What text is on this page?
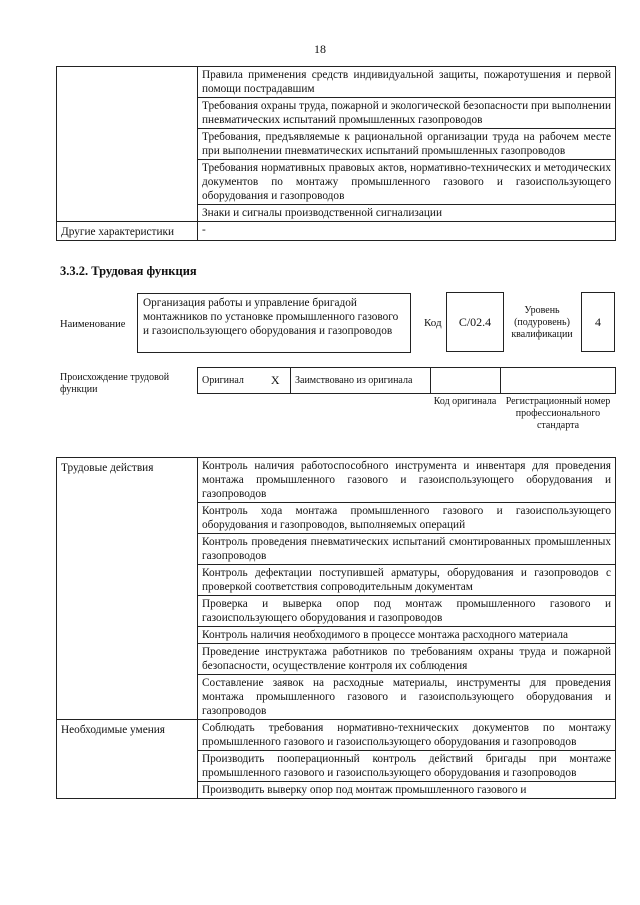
18
	Правила применения средств индивидуальной защиты, пожаротушения и первой помощи пострадавшим
	Требования охраны труда, пожарной и экологической безопасности при выполнении пневматических испытаний промышленных газопроводов
	Требования, предъявляемые к рациональной организации труда на рабочем месте при выполнении пневматических испытаний промышленных газопроводов
	Требования нормативных правовых актов, нормативно-технических и методических документов по монтажу промышленного газового и газоиспользующего оборудования и газопроводов
	Знаки и сигналы производственной сигнализации
Другие характеристики	-
3.3.2. Трудовая функция
Наименование
Организация работы и управление бригадой монтажников по установке промышленного газового и газоиспользующего оборудования и газопроводов
Код	C/02.4
Уровень (подуровень) квалификации
4
Происхождение трудовой функции
Оригинал	X	Заимствовано из оригинала		
Код оригинала Регистрационный номер профессионального стандарта
Трудовые действия	Контроль наличия работоспособного инструмента и инвентаря для проведения монтажа промышленного газового и газоиспользующего оборудования и газопроводов
	Контроль хода монтажа промышленного газового и газоиспользующего оборудования и газопроводов, выполняемых операций
	Контроль проведения пневматических испытаний смонтированных промышленных газопроводов
	Контроль дефектации поступившей арматуры, оборудования и газопроводов с проверкой соответствия сопроводительным документам
	Проверка и выверка опор под монтаж промышленного газового и газоиспользующего оборудования и газопроводов
	Контроль наличия необходимого в процессе монтажа расходного материала
	Проведение инструктажа работников по требованиям охраны труда и пожарной безопасности, осуществление контроля их соблюдения
	Составление заявок на расходные материалы, инструменты для проведения монтажа промышленного газового и газоиспользующего оборудования и газопроводов
Необходимые умения	Соблюдать требования нормативно-технических документов по монтажу промышленного газового и газоиспользующего оборудования и газопроводов
	Производить пооперационный контроль действий бригады при монтаже промышленного газового и газоиспользующего оборудования и газопроводов
	Производить выверку опор под монтаж промышленного газового и
